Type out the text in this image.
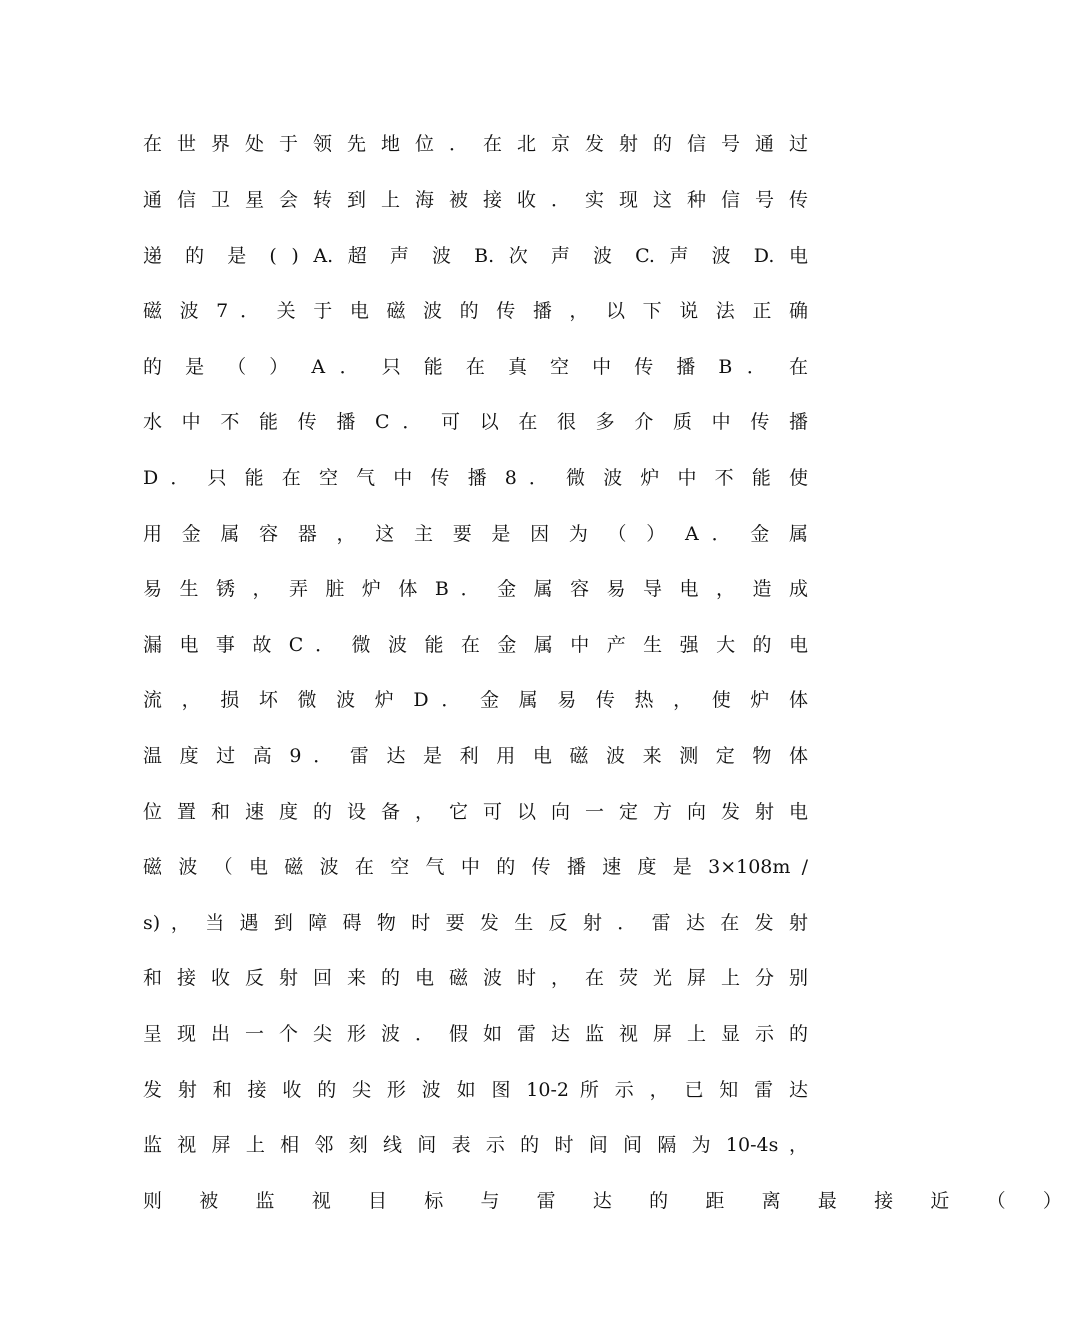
在 世 界 处 于 领 先 地 位 ． 在 北 京 发 射 的 信 号 通 过
通 信 卫 星 会 转 到 上 海 被 接 收 ． 实 现 这 种 信 号 传
递 的 是 ( ) A. 超 声 波 B. 次 声 波 C. 声 波 D. 电
磁 波 7 ． 关 于 电 磁 波 的 传 播 ， 以 下 说 法 正 确
的 是 （ ） A ． 只 能 在 真 空 中 传 播 B ． 在
水 中 不 能 传 播 C ． 可 以 在 很 多 介 质 中 传 播
D ． 只 能 在 空 气 中 传 播 8 ． 微 波 炉 中 不 能 使
用 金 属 容 器 ， 这 主 要 是 因 为 （ ） A ． 金 属
易 生 锈 ， 弄 脏 炉 体 B ． 金 属 容 易 导 电 ， 造 成
漏 电 事 故 C ． 微 波 能 在 金 属 中 产 生 强 大 的 电
流 ， 损 坏 微 波 炉 D ． 金 属 易 传 热 ， 使 炉 体
温 度 过 高 9 ． 雷 达 是 利 用 电 磁 波 来 测 定 物 体
位 置 和 速 度 的 设 备 ， 它 可 以 向 一 定 方 向 发 射 电
磁 波 （ 电 磁 波 在 空 气 中 的 传 播 速 度 是 3×108m /
s) ， 当 遇 到 障 碍 物 时 要 发 生 反 射 ． 雷 达 在 发 射
和 接 收 反 射 回 来 的 电 磁 波 时 ， 在 荧 光 屏 上 分 别
呈 现 出 一 个 尖 形 波 ． 假 如 雷 达 监 视 屏 上 显 示 的
发 射 和 接 收 的 尖 形 波 如 图 10-2 所 示 ， 已 知 雷 达
监 视 屏 上 相 邻 刻 线 间 表 示 的 时 间 间 隔 为 10-4s ，
则 被 监 视 目 标 与 雷 达 的 距 离 最 接 近 （ ）
